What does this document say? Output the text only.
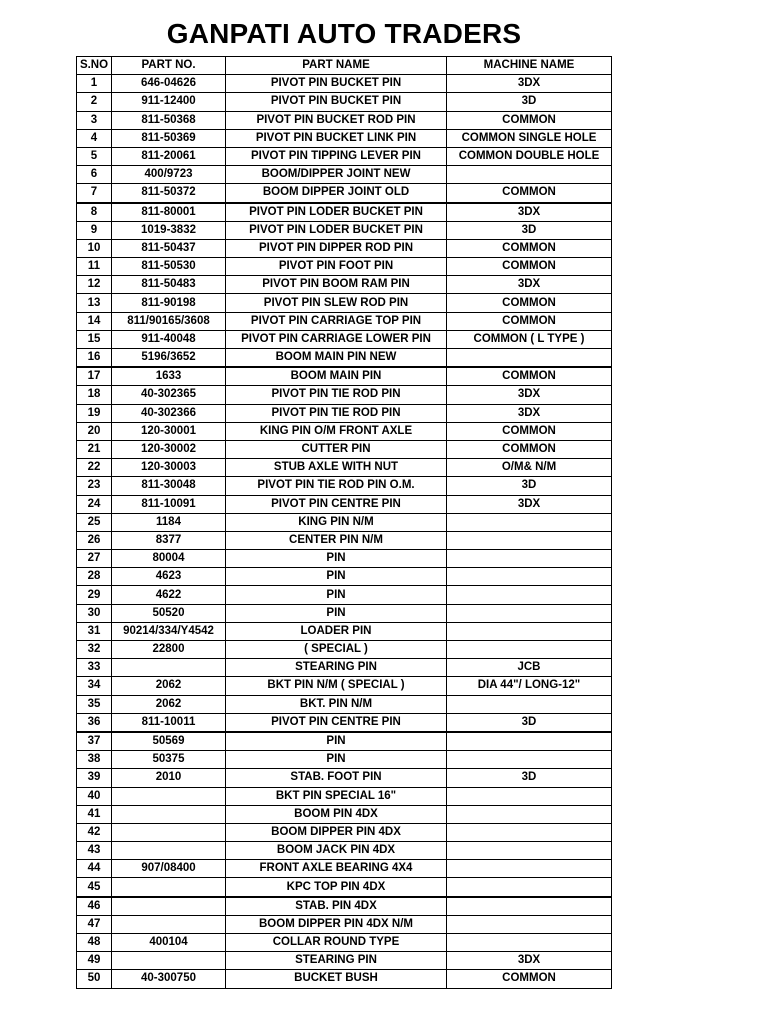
GANPATI AUTO TRADERS
S.NO	PART NO.	PART NAME	MACHINE NAME
1	646-04626	PIVOT PIN BUCKET PIN	3DX
2	911-12400	PIVOT PIN BUCKET PIN	3D
3	811-50368	PIVOT PIN BUCKET ROD PIN	COMMON
4	811-50369	PIVOT PIN BUCKET LINK PIN	COMMON SINGLE HOLE
5	811-20061	PIVOT PIN TIPPING LEVER PIN	COMMON DOUBLE HOLE
6	400/9723	BOOM/DIPPER JOINT NEW	
7	811-50372	BOOM DIPPER JOINT OLD	COMMON
8	811-80001	PIVOT PIN LODER BUCKET PIN	3DX
9	1019-3832	PIVOT PIN LODER BUCKET PIN	3D
10	811-50437	PIVOT PIN DIPPER ROD PIN	COMMON
11	811-50530	PIVOT PIN FOOT PIN	COMMON
12	811-50483	PIVOT PIN BOOM RAM PIN	3DX
13	811-90198	PIVOT PIN SLEW ROD PIN	COMMON
14	811/90165/3608	PIVOT PIN CARRIAGE TOP PIN	COMMON
15	911-40048	PIVOT PIN CARRIAGE LOWER PIN	COMMON ( L TYPE )
16	5196/3652	BOOM MAIN PIN NEW	
17	1633	BOOM MAIN PIN	COMMON
18	40-302365	PIVOT PIN TIE ROD PIN	3DX
19	40-302366	PIVOT PIN TIE ROD PIN	3DX
20	120-30001	KING PIN O/M FRONT AXLE	COMMON
21	120-30002	CUTTER PIN	COMMON
22	120-30003	STUB AXLE WITH NUT	O/M& N/M
23	811-30048	PIVOT PIN TIE ROD PIN O.M.	3D
24	811-10091	PIVOT PIN CENTRE PIN	3DX
25	1184	KING PIN N/M	
26	8377	CENTER PIN N/M	
27	80004	PIN	
28	4623	PIN	
29	4622	PIN	
30	50520	PIN	
31	90214/334/Y4542	LOADER PIN	
32	22800	( SPECIAL )	
33		STEARING PIN	JCB
34	2062	BKT PIN N/M ( SPECIAL )	DIA 44"/ LONG-12"
35	2062	BKT. PIN N/M	
36	811-10011	PIVOT PIN CENTRE PIN	3D
37	50569	PIN	
38	50375	PIN	
39	2010	STAB. FOOT PIN	3D
40		BKT PIN SPECIAL 16"	
41		BOOM PIN 4DX	
42		BOOM DIPPER PIN 4DX	
43		BOOM JACK PIN 4DX	
44	907/08400	FRONT AXLE BEARING 4X4	
45		KPC TOP PIN 4DX	
46		STAB. PIN 4DX	
47		BOOM DIPPER PIN 4DX N/M	
48	400104	COLLAR ROUND TYPE	
49		STEARING PIN	3DX
50	40-300750	BUCKET BUSH	COMMON
